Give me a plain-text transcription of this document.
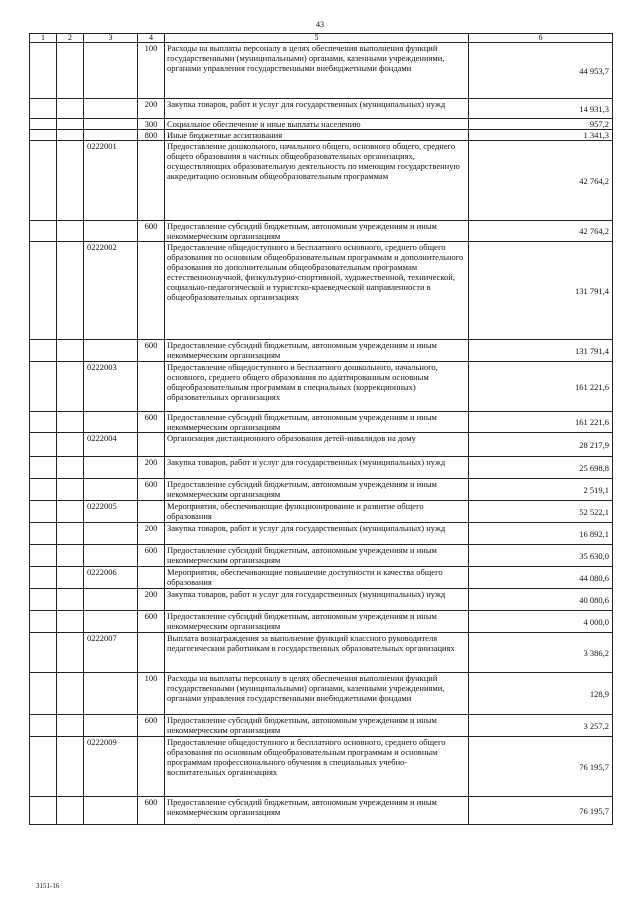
43
1	2	3	4	5	6
			100	Расходы на выплаты персоналу в целях обеспечения выполнения функций государственными (муниципальными) органами, казенными учреждениями, органами управления государственными внебюджетными фондами	44 953,7
			200	Закупка товаров, работ и услуг для государственных (муниципальных) нужд	14 931,3
			300	Социальное обеспечение и иные выплаты населению	957,2
			800	Иные бюджетные ассигнования	1 341,3
		0222001		Предоставление дошкольного, начального общего, основного общего, среднего общего образования в частных общеобразовательных организациях, осуществляющих образовательную деятельность по имеющим государственную аккредитацию основным общеобразовательным программам	42 764,2
			600	Предоставление субсидий бюджетным, автономным учреждениям и иным некоммерческим организациям	42 764,2
		0222002		Предоставление общедоступного и бесплатного основного, среднего общего образования по основным общеобразовательным программам и дополнительного образования по дополнительным общеобразовательным программам естественнонаучной, физкультурно-спортивной, художественной, технической, социально-педагогической и туристско-краеведческой направленности в общеобразовательных организациях	131 791,4
			600	Предоставление субсидий бюджетным, автономным учреждениям и иным некоммерческим организациям	131 791,4
		0222003		Предоставление общедоступного и бесплатного дошкольного, начального, основного, среднего общего образования по адаптированным основным общеобразовательным программам в специальных (коррекционных) образовательных организациях	161 221,6
			600	Предоставление субсидий бюджетным, автономным учреждениям и иным некоммерческим организациям	161 221,6
		0222004		Организация дистанционного образования детей-инвалидов на дому	28 217,9
			200	Закупка товаров, работ и услуг для государственных (муниципальных) нужд	25 698,8
			600	Предоставление субсидий бюджетным, автономным учреждениям и иным некоммерческим организациям	2 519,1
		0222005		Мероприятия, обеспечивающие функционирование и развитие общего образования	52 522,1
			200	Закупка товаров, работ и услуг для государственных (муниципальных) нужд	16 892,1
			600	Предоставление субсидий бюджетным, автономным учреждениям и иным некоммерческим организациям	35 630,0
		0222006		Мероприятия, обеспечивающие повышение доступности и качества общего образования	44 080,6
			200	Закупка товаров, работ и услуг для государственных (муниципальных) нужд	40 080,6
			600	Предоставление субсидий бюджетным, автономным учреждениям и иным некоммерческим организациям	4 000,0
		0222007		Выплата вознаграждения за выполнение функций классного руководителя педагогическим работникам в государственных образовательных организациях	3 386,2
			100	Расходы на выплаты персоналу в целях обеспечения выполнения функций государственными (муниципальными) органами, казенными учреждениями, органами управления государственными внебюджетными фондами	128,9
			600	Предоставление субсидий бюджетным, автономным учреждениям и иным некоммерческим организациям	3 257,2
		0222009		Предоставление общедоступного и бесплатного основного, среднего общего образования по основным общеобразовательным программам и основным программам профессионального обучения в специальных учебно-воспитательных организациях	76 195,7
			600	Предоставление субсидий бюджетным, автономным учреждениям и иным некоммерческим организациям	76 195,7
3151-16
